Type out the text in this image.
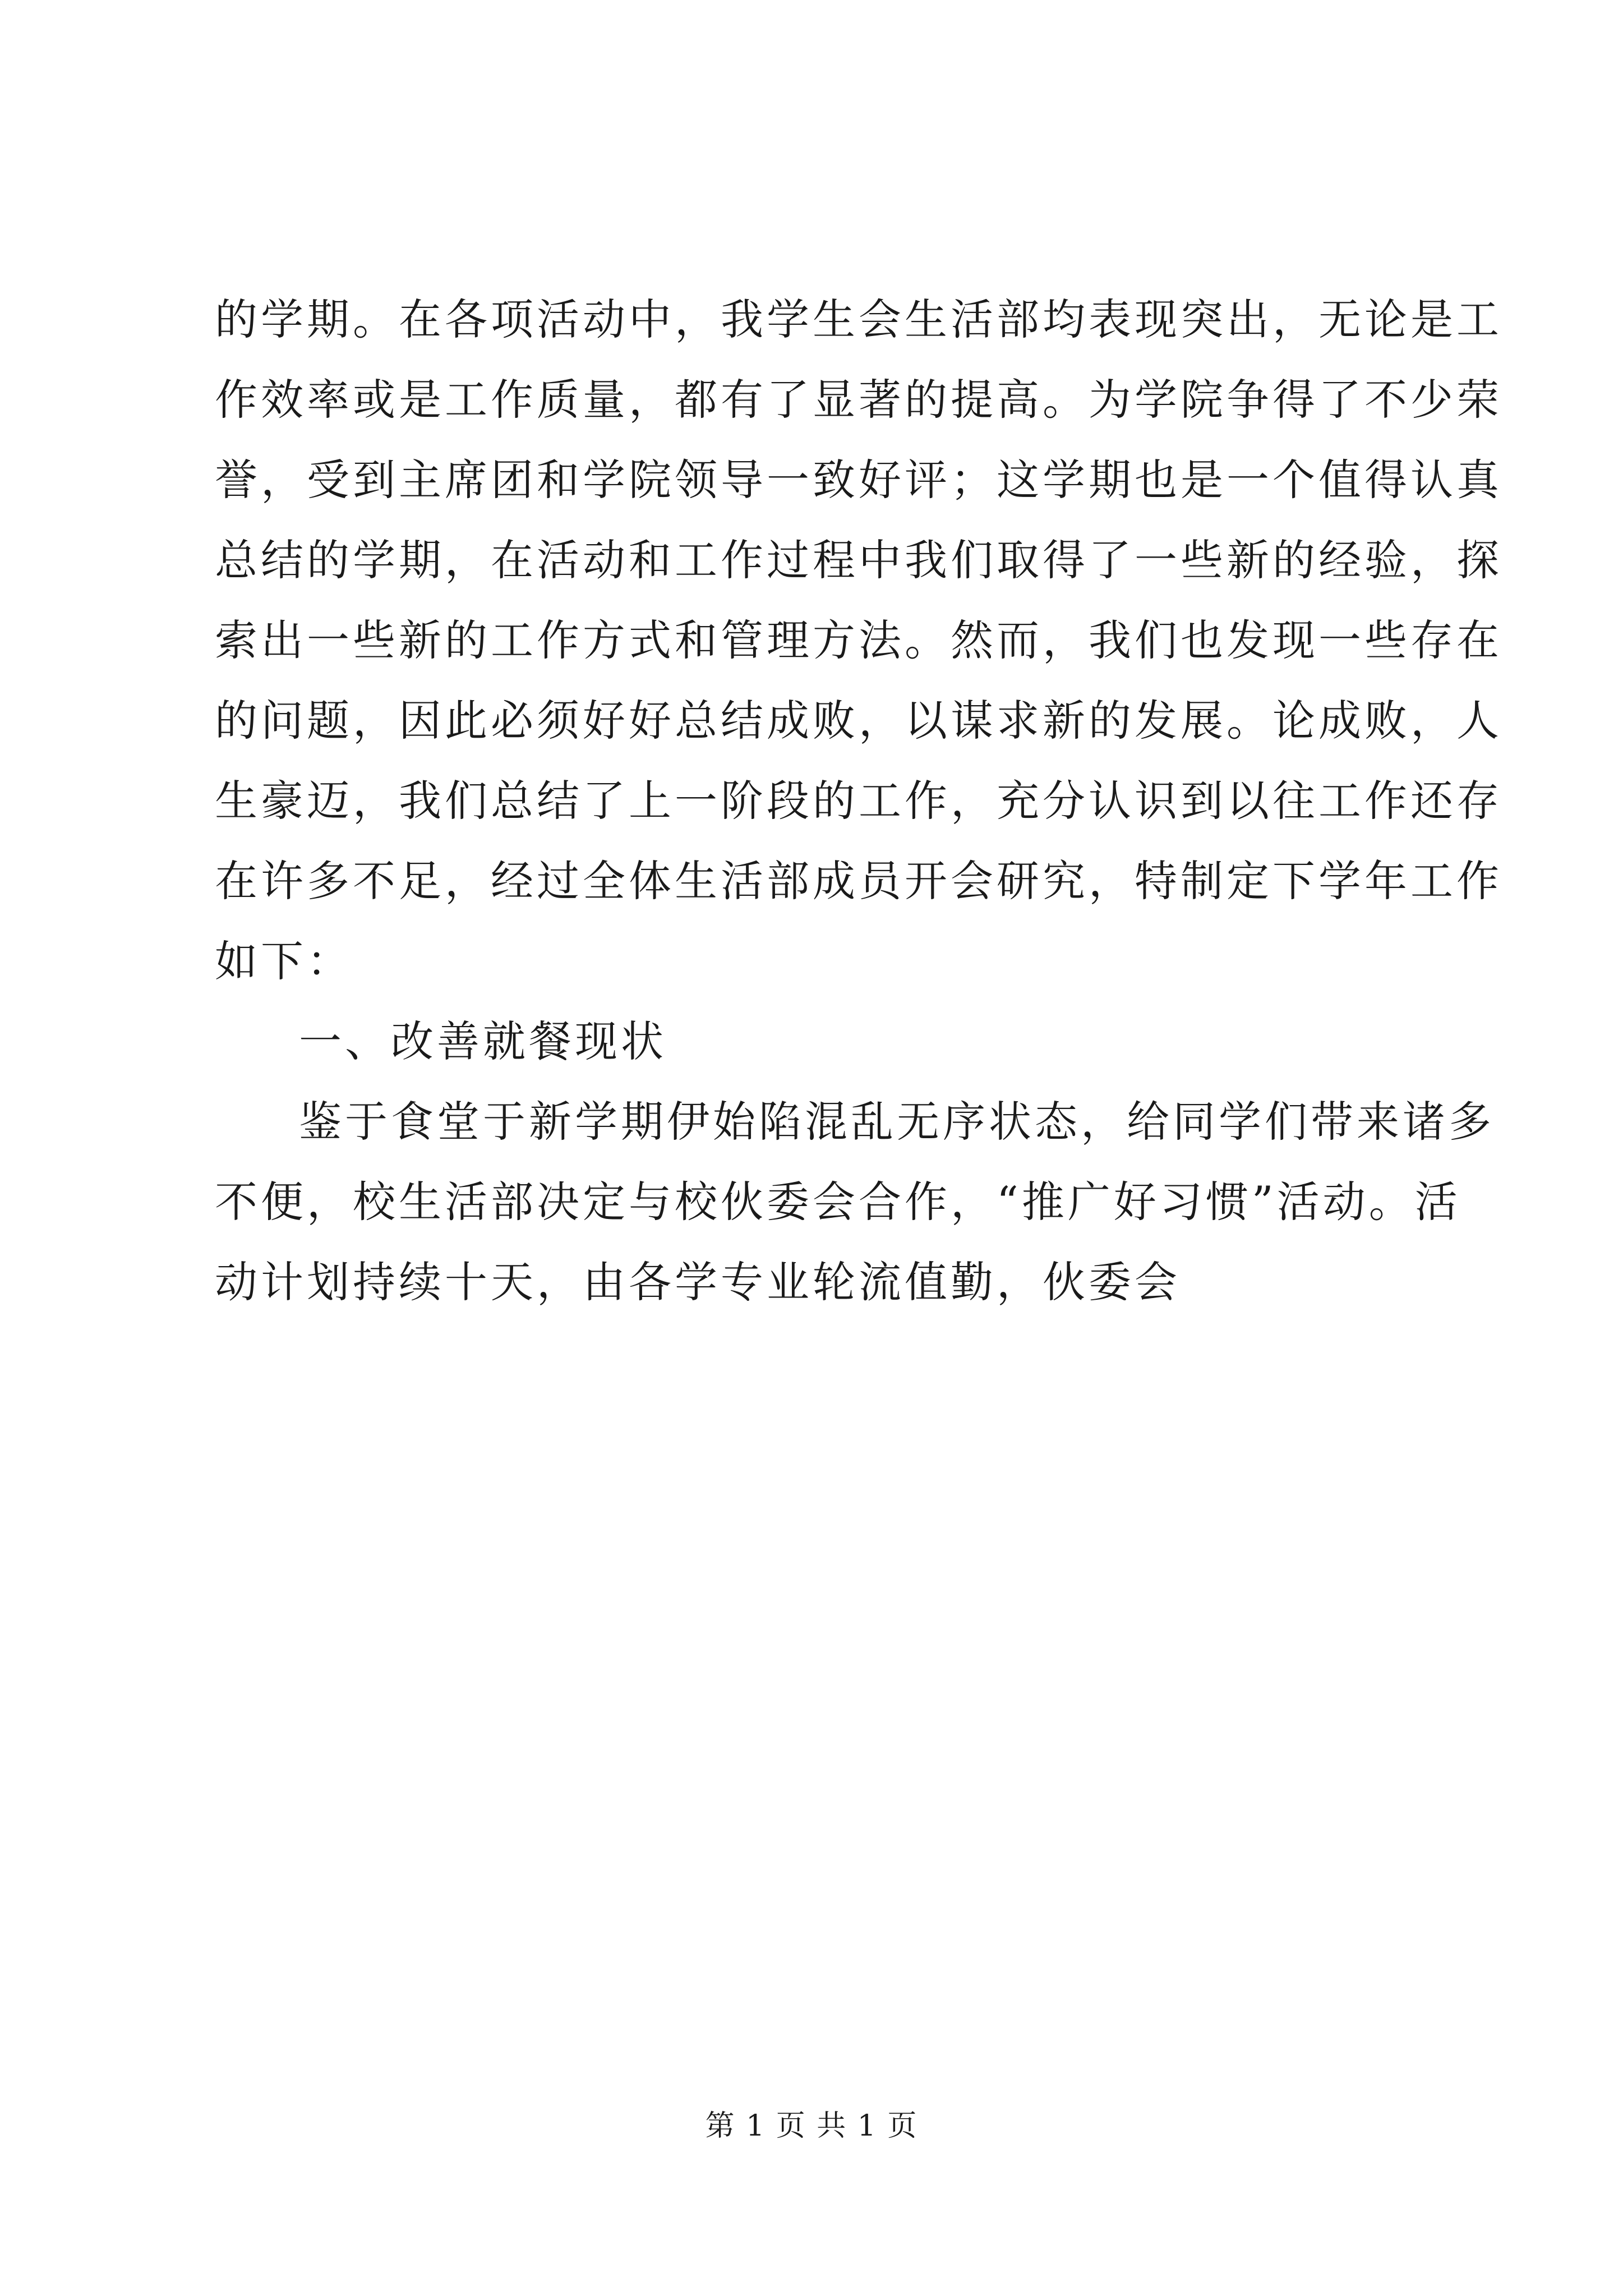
的学期。在各项活动中，我学生会生活部均表现突出，无论是工
作效率或是工作质量，都有了显著的提高。为学院争得了不少荣
誉，受到主席团和学院领导一致好评；这学期也是一个值得认真
总结的学期，在活动和工作过程中我们取得了一些新的经验，探
索出一些新的工作方式和管理方法。然而，我们也发现一些存在
的问题，因此必须好好总结成败，以谋求新的发展。论成败，人
生豪迈，我们总结了上一阶段的工作，充分认识到以往工作还存
在许多不足，经过全体生活部成员开会研究，特制定下学年工作
如下：
一、改善就餐现状
鉴于食堂于新学期伊始陷混乱无序状态，给同学们带来诸多
不便，校生活部决定与校伙委会合作，“推广好习惯”活动。活
动计划持续十天，由各学专业轮流值勤，伙委会
第 1 页 共 1 页
